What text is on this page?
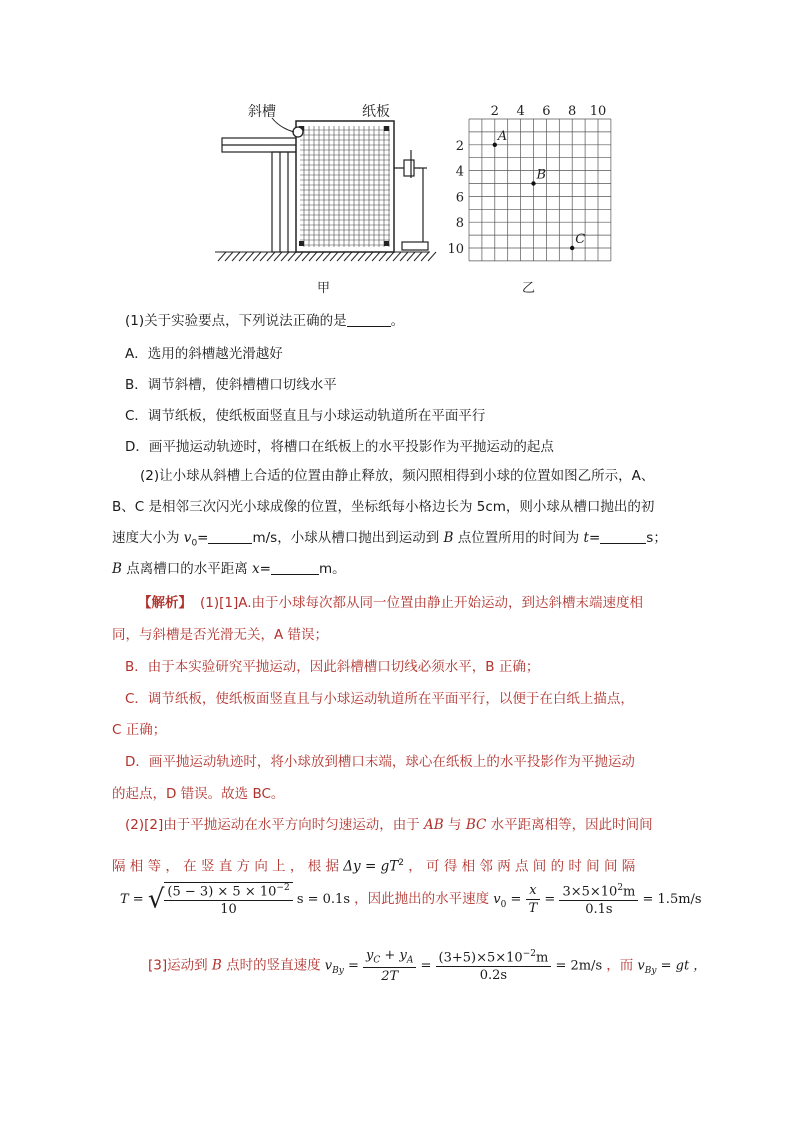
斜槽	纸板
甲	乙
2 4 6 8 10
2
4
6
8
10
A
B
C
(1)关于实验要点，下列说法正确的是	。
A．选用的斜槽越光滑越好
B．调节斜槽，使斜槽槽口切线水平
C．调节纸板，使纸板面竖直且与小球运动轨道所在平面平行
D．画平抛运动轨迹时，将槽口在纸板上的水平投影作为平抛运动的起点
(2)让小球从斜槽上合适的位置由静止释放，频闪照相得到小球的位置如图乙所示，A、
B、C 是相邻三次闪光小球成像的位置，坐标纸每小格边长为 5cm，则小球从槽口抛出的初
速度大小为 $v_0=$	m/s，小球从槽口抛出到运动到 B 点位置所用的时间为 t=	s；
B 点离槽口的水平距离 x=	m。
【解析】 (1)[1]A.由于小球每次都从同一位置由静止开始运动，到达斜槽末端速度相
同，与斜槽是否光滑无关，A 错误；
B．由于本实验研究平抛运动，因此斜槽槽口切线必须水平，B 正确；
C．调节纸板，使纸板面竖直且与小球运动轨道所在平面平行，以便于在白纸上描点，
C 正确；
D．画平抛运动轨迹时，将小球放到槽口末端，球心在纸板上的水平投影作为平抛运动
的起点，D 错误。故选 BC。
(2)[2]由于平抛运动在水平方向时匀速运动，由于 AB 与 BC 水平距离相等，因此时间间
隔 相 等 ， 在 竖 直 方 向 上 ， 根 据 $\Delta y = gT^2$ ， 可 得 相 邻 两 点 间 的 时 间 间 隔
T = √ $\frac{(5 - 3) \times 5 \times 10^{-2}}{10}$ s = 0.1s ，因此抛出的水平速度 $v_0 = \frac{x}{T} = \frac{3\times 5\times 10^2m}{0.1s} = 1.5m/s$
[3]运动到 B 点时的竖直速度 $v_{By} = \frac{y_C + y_A}{2T} = \frac{(3+5)\times 5\times 10^{-2}m}{0.2s} = 2m/s$ ，而 $v_{By}$ = gt ，
